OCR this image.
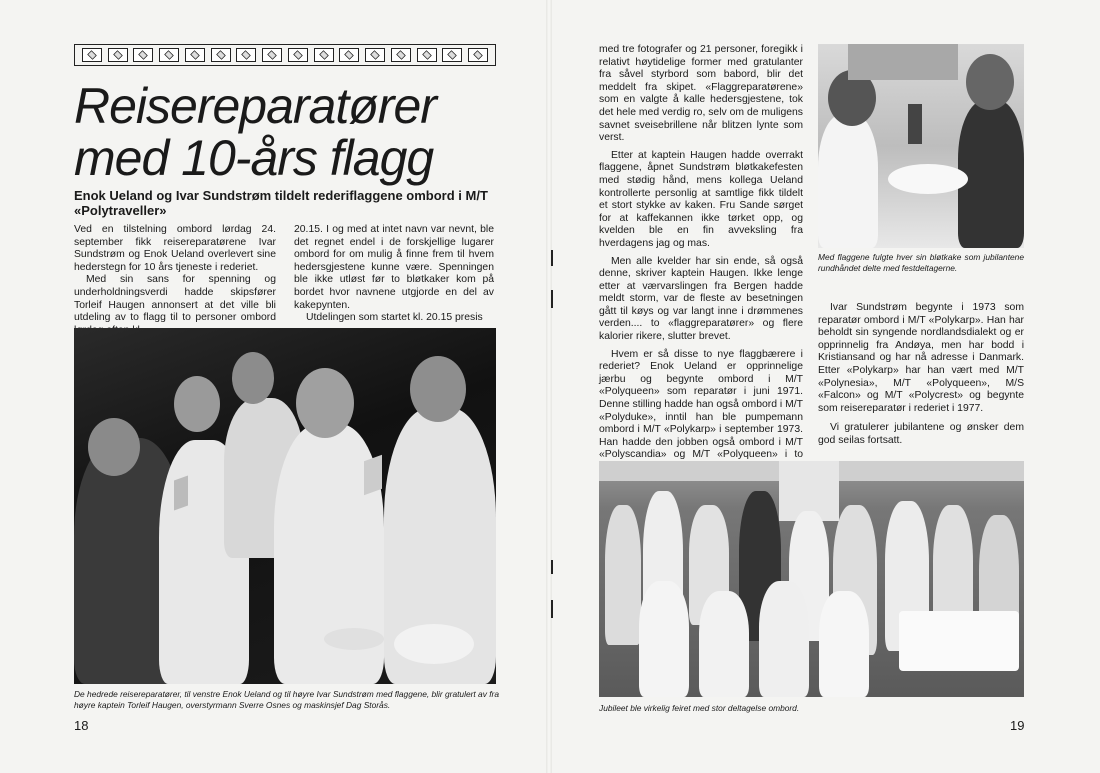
Reisereparatører
med 10-års flagg
Enok Ueland og Ivar Sundstrøm tildelt rederiflaggene ombord i M/T «Polytraveller»

Ved en tilstelning ombord lørdag 24. september fikk reisereparatørene Ivar Sundstrøm og Enok Ueland overlevert sine hederstegn for 10 års tjeneste i rederiet.

Med sin sans for spenning og underholdningsverdi hadde skipsfører Torleif Haugen annonsert at det ville bli utdeling av to flagg til to personer ombord

20.15. I og med at intet navn var nevnt, ble det regnet endel i de forskjellige lugarer ombord for om mulig å finne frem til hvem hedersgjestene kunne være. Spenningen ble ikke utløst før to bløtkaker kom på bordet hvor navnene utgjorde en del av kakepynten.

Utdelingen som startet kl. 20.15 presis

De hedrede reisereparatører, til venstre Enok Ueland og til høyre Ivar Sundstrøm med flaggene, blir gratulert av fra høyre kaptein Torleif Haugen, overstyrmann Sverre Osnes og maskinsjef Dag Storås.
18

med tre fotografer og 21 personer, foregikk i relativt høytidelige former med gratulanter fra såvel styrbord som babord, blir det meddelt fra skipet. «Flaggreparatørene» som en valgte å kalle hedersgjestene, tok det hele med verdig ro, selv om de muligens savnet sveisebrillene når blitzen lynte som verst.

Etter at kaptein Haugen hadde overrakt flaggene, åpnet Sundstrøm bløtkakefesten med stødig hånd, mens kollega Ueland kontrollerte personlig at samtlige fikk tildelt et stort stykke av kaken. Fru Sande sørget for at kaffekannen ikke tørket opp, og kvelden ble en fin avveksling fra hverdagens jag og mas.

Men alle kvelder har sin ende, så også denne, skriver kaptein Haugen. Ikke lenge etter at værvarslingen fra Bergen hadde meldt storm, var de fleste av besetningen gått til køys og var langt inne i drømmenes verden.... to «flaggreparatører» og flere kalorier rikere, slutter brevet.

Hvem er så disse to nye flaggbærere i rederiet? Enok Ueland er opprinnelige jærbu og begynte ombord i M/T «Polyqueen» som reparatør i juni 1971. Denne stilling hadde han også ombord i M/T «Polyduke», inntil han ble pumpemann ombord i M/T «Polykarp» i september 1973. Han hadde den jobben også ombord i M/T «Polyscandia» og M/T «Polyqueen» i to

Med flaggene fulgte hver sin bløtkake som jubilantene rundhåndet delte med festdeltagerne.

Ivar Sundstrøm begynte i 1973 som reparatør ombord i M/T «Polykarp». Han har beholdt sin syngende nordlandsdialekt og er opprinnelig fra Andøya, men har bodd i Kristiansand og har nå adresse i Danmark. Etter «Polykarp» har han vært med M/T «Polynesia», M/T «Polyqueen», M/S «Falcon» og M/T «Polycrest» og begynte som reisereparatør i rederiet i 1977.

Vi gratulerer jubilantene og ønsker dem god seilas fortsatt.

Jubileet ble virkelig feiret med stor deltagelse ombord.
19
